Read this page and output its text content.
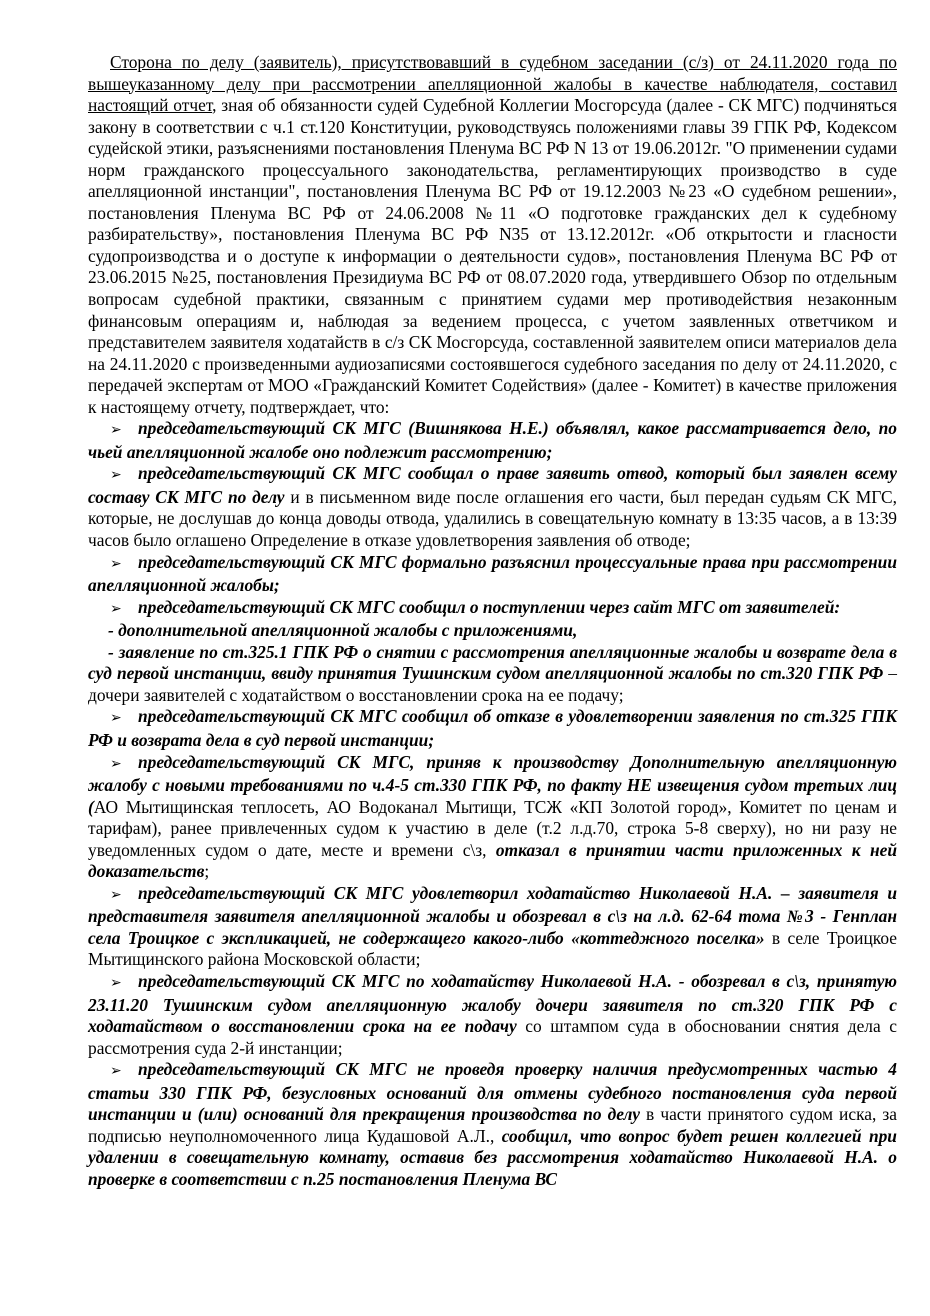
Сторона по делу (заявитель), присутствовавший в судебном заседании (с/з) от 24.11.2020 года по вышеуказанному делу при рассмотрении апелляционной жалобы в качестве наблюдателя, составил настоящий отчет, зная об обязанности судей Судебной Коллегии Мосгорсуда (далее - СК МГС) подчиняться закону в соответствии с ч.1 ст.120 Конституции, руководствуясь положениями главы 39 ГПК РФ, Кодексом судейской этики, разъяснениями постановления Пленума ВС РФ N 13 от 19.06.2012г. "О применении судами норм гражданского процессуального законодательства, регламентирующих производство в суде апелляционной инстанции", постановления Пленума ВС РФ от 19.12.2003 №23 «О судебном решении», постановления Пленума ВС РФ от 24.06.2008 №11 «О подготовке гражданских дел к судебному разбирательству», постановления Пленума ВС РФ N35 от 13.12.2012г. «Об открытости и гласности судопроизводства и о доступе к информации о деятельности судов», постановления Пленума ВС РФ от 23.06.2015 №25, постановления Президиума ВС РФ от 08.07.2020 года, утвердившего Обзор по отдельным вопросам судебной практики, связанным с принятием судами мер противодействия незаконным финансовым операциям и, наблюдая за ведением процесса, с учетом заявленных ответчиком и представителем заявителя ходатайств в с/з СК Мосгорсуда, составленной заявителем описи материалов дела на 24.11.2020 с произведенными аудиозаписями состоявшегося судебного заседания по делу от 24.11.2020, с передачей экспертам от МОО «Гражданский Комитет Содействия» (далее - Комитет) в качестве приложения к настоящему отчету, подтверждает, что:

➢ председательствующий СК МГС (Вишнякова Н.Е.) объявлял, какое рассматривается дело, по чьей апелляционной жалобе оно подлежит рассмотрению;

➢ председательствующий СК МГС сообщал о праве заявить отвод, который был заявлен всему составу СК МГС по делу и в письменном виде после оглашения его части, был передан судьям СК МГС, которые, не дослушав до конца доводы отвода, удалились в совещательную комнату в 13:35 часов, а в 13:39 часов было оглашено Определение в отказе удовлетворения заявления об отводе;

➢ председательствующий СК МГС формально разъяснил процессуальные права при рассмотрении апелляционной жалобы;

➢ председательствующий СК МГС сообщил о поступлении через сайт МГС от заявителей:

- дополнительной апелляционной жалобы с приложениями,

- заявление по ст.325.1 ГПК РФ о снятии с рассмотрения апелляционные жалобы и возврате дела в суд первой инстанции, ввиду принятия Тушинским судом апелляционной жалобы по ст.320 ГПК РФ – дочери заявителей с ходатайством о восстановлении срока на ее подачу;

➢ председательствующий СК МГС сообщил об отказе в удовлетворении заявления по ст.325 ГПК РФ и возврата дела в суд первой инстанции;

➢ председательствующий СК МГС, приняв к производству Дополнительную апелляционную жалобу с новыми требованиями по ч.4-5 ст.330 ГПК РФ, по факту НЕ извещения судом третьих лиц (АО Мытищинская теплосеть, АО Водоканал Мытищи, ТСЖ «КП Золотой город», Комитет по ценам и тарифам), ранее привлеченных судом к участию в деле (т.2 л.д.70, строка 5-8 сверху), но ни разу не уведомленных судом о дате, месте и времени с\з, отказал в принятии части приложенных к ней доказательств;

➢ председательствующий СК МГС удовлетворил ходатайство Николаевой Н.А. – заявителя и представителя заявителя апелляционной жалобы и обозревал в с\з на л.д. 62-64 тома №3 - Генплан села Троицкое с экспликацией, не содержащего какого-либо «коттеджного поселка» в селе Троицкое Мытищинского района Московской области;

➢ председательствующий СК МГС по ходатайству Николаевой Н.А. - обозревал в с\з, принятую 23.11.20 Тушинским судом апелляционную жалобу дочери заявителя по ст.320 ГПК РФ с ходатайством о восстановлении срока на ее подачу со штампом суда в обосновании снятия дела с рассмотрения суда 2-й инстанции;

➢ председательствующий СК МГС не проведя проверку наличия предусмотренных частью 4 статьи 330 ГПК РФ, безусловных оснований для отмены судебного постановления суда первой инстанции и (или) оснований для прекращения производства по делу в части принятого судом иска, за подписью неуполномоченного лица Кудашовой А.Л., сообщил, что вопрос будет решен коллегией при удалении в совещательную комнату, оставив без рассмотрения ходатайство Николаевой Н.А. о проверке в соответствии с п.25 постановления Пленума ВС
